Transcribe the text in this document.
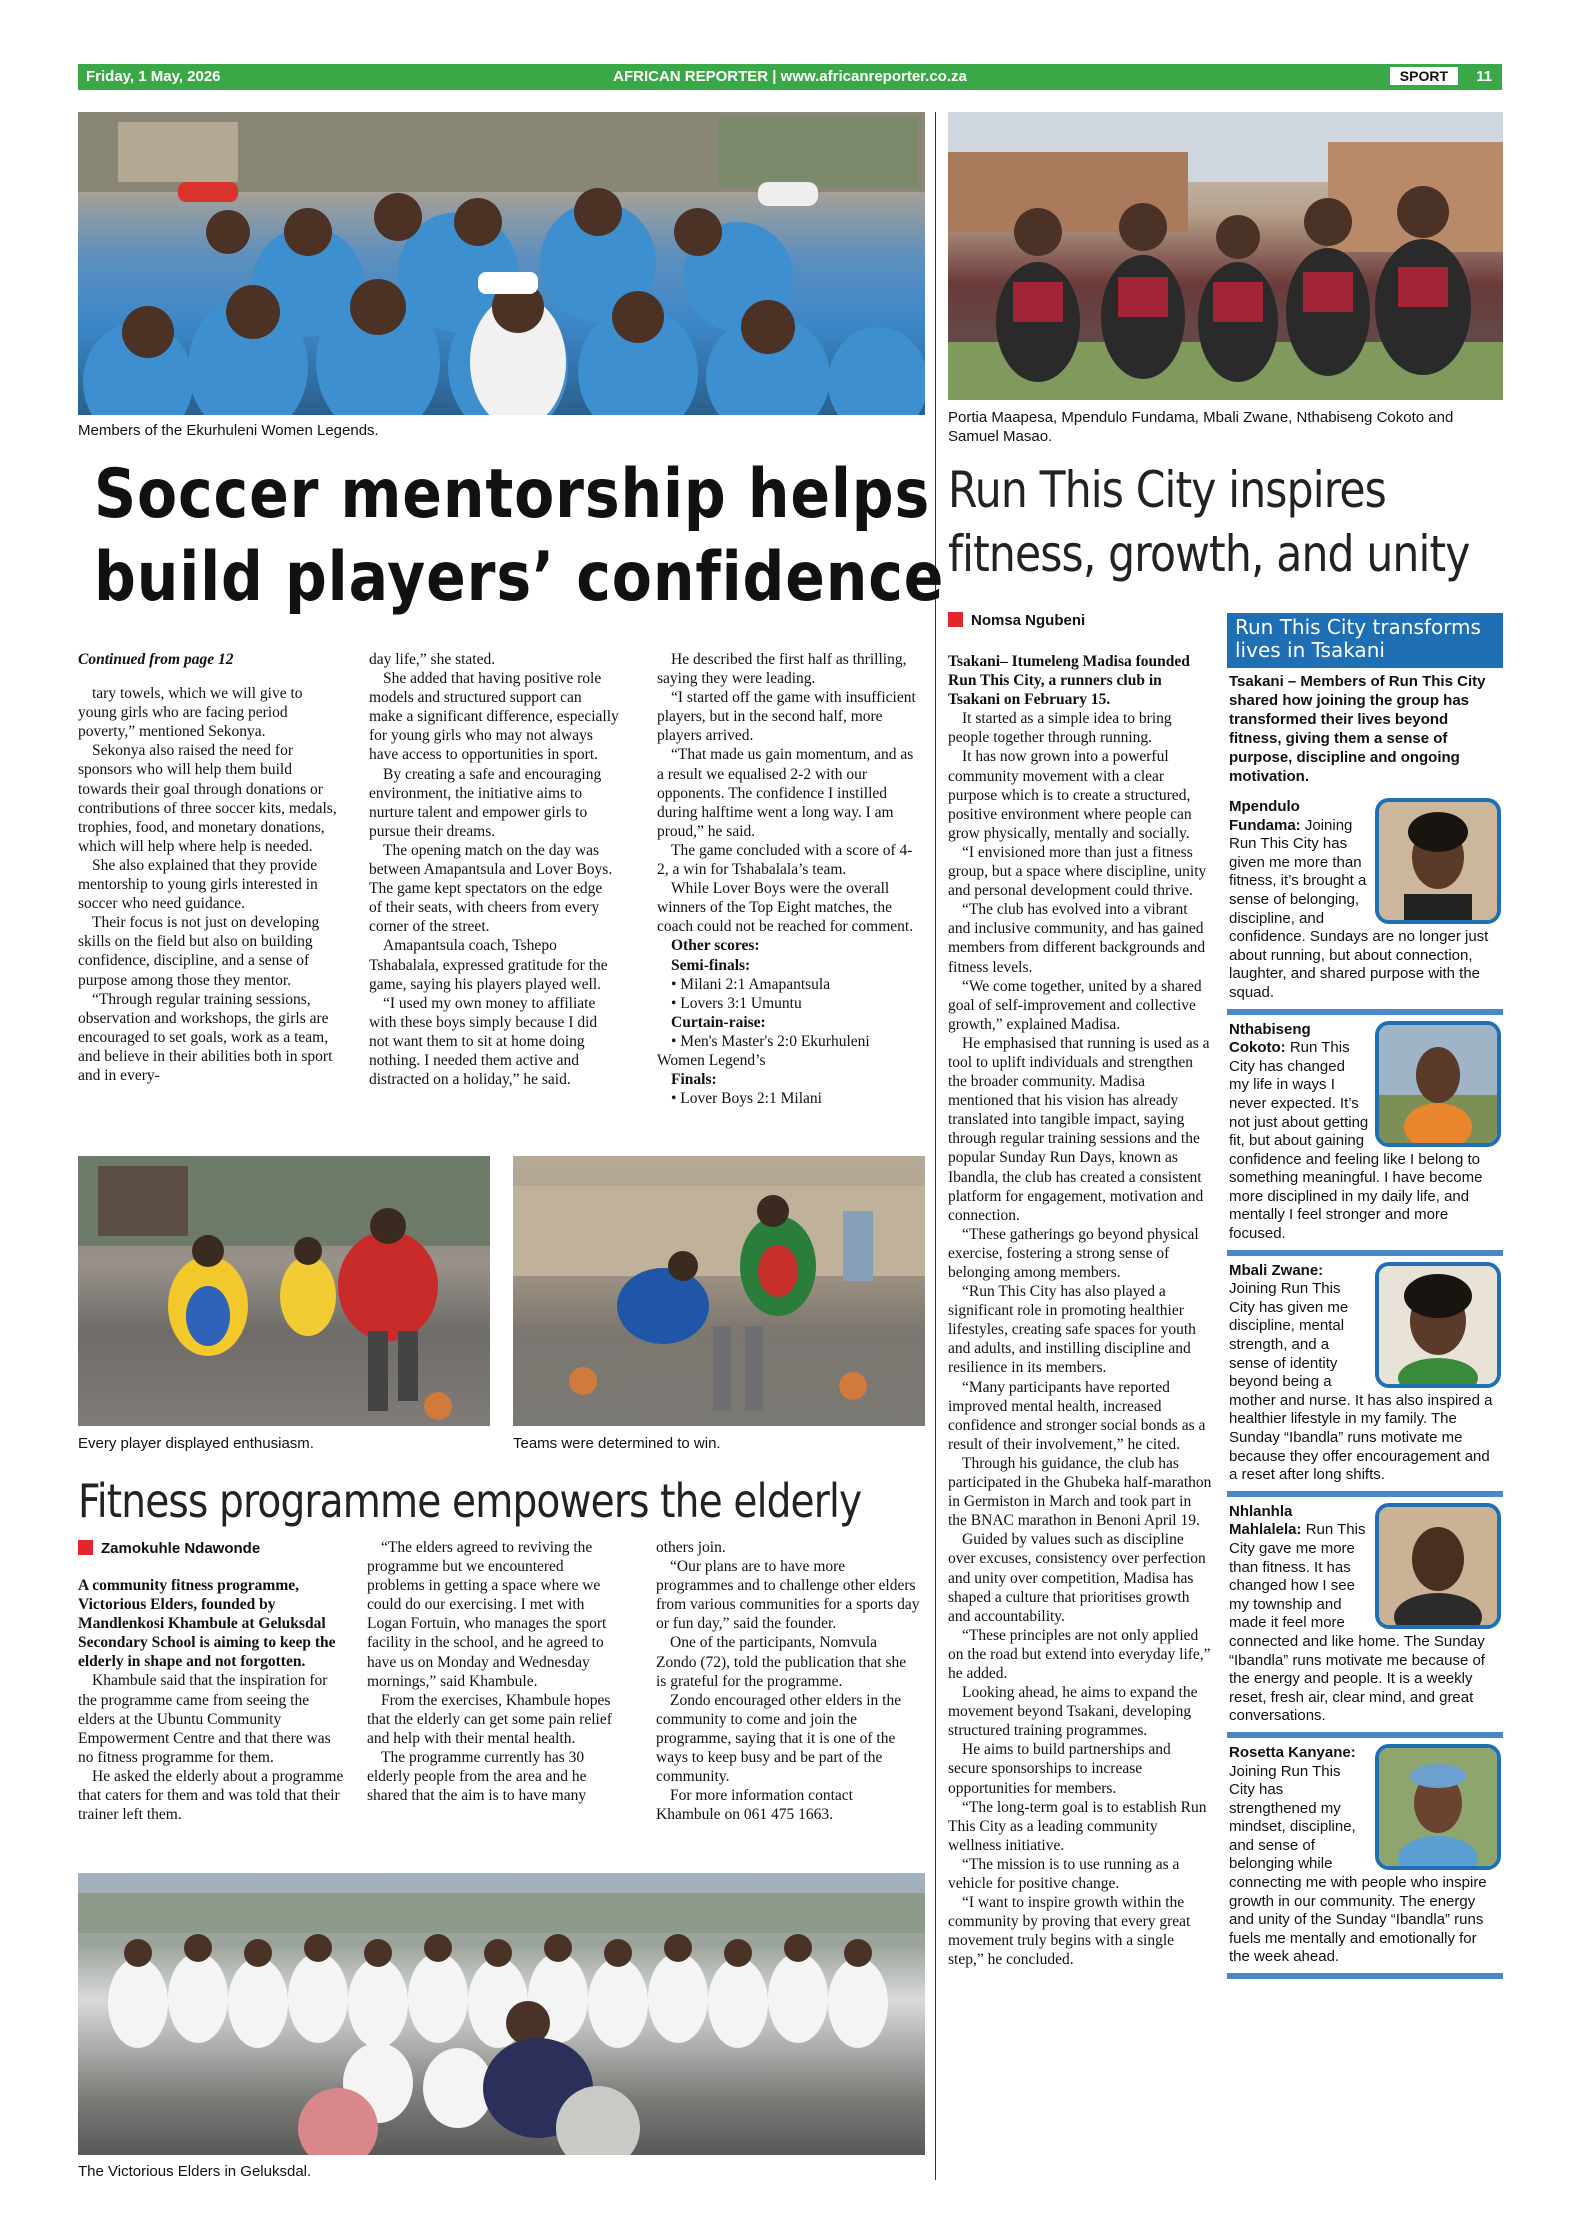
Friday, 1 May, 2026	AFRICAN REPORTER | www.africanreporter.co.za	SPORT	11
Members of the Ekurhuleni Women Legends.
Soccer mentorship helps
build players’ confidence

Continued from page 12

tary towels, which we will give to young girls who are facing period poverty,” mentioned Sekonya.

Sekonya also raised the need for sponsors who will help them build towards their goal through donations or contributions of three soccer kits, medals, trophies, food, and monetary donations, which will help where help is needed.

She also explained that they provide mentorship to young girls interested in soccer who need guidance.

Their focus is not just on developing skills on the field but also on building confidence, discipline, and a sense of purpose among those they mentor.

“Through regular training sessions, observation and workshops, the girls are encouraged to set goals, work as a team, and believe in their abilities both in sport and in every-

day life,” she stated.

She added that having positive role models and structured support can make a significant difference, especially for young girls who may not always have access to opportunities in sport.

By creating a safe and encouraging environment, the initiative aims to nurture talent and empower girls to pursue their dreams.

The opening match on the day was between Amapantsula and Lover Boys. The game kept spectators on the edge of their seats, with cheers from every corner of the street.

Amapantsula coach, Tshepo Tshabalala, expressed gratitude for the game, saying his players played well.

“I used my own money to affiliate with these boys simply because I did not want them to sit at home doing nothing. I needed them active and distracted on a holiday,” he said.

He described the first half as thrilling, saying they were leading.

“I started off the game with insufficient players, but in the second half, more players arrived.

“That made us gain momentum, and as a result we equalised 2-2 with our opponents. The confidence I instilled during halftime went a long way. I am proud,” he said.

The game concluded with a score of 4-2, a win for Tshabalala’s team.

While Lover Boys were the overall winners of the Top Eight matches, the coach could not be reached for comment.

Other scores:

Semi-finals:

• Milani 2:1 Amapantsula

• Lovers 3:1 Umuntu

Curtain-raise:

• Men's Master's 2:0 Ekurhuleni Women Legend’s

Finals:

• Lover Boys 2:1 Milani

Every player displayed enthusiasm.	Teams were determined to win.
Fitness programme empowers the elderly
Zamokuhle Ndawonde

A community fitness programme, Victorious Elders, founded by Mandlenkosi Khambule at Geluksdal Secondary School is aiming to keep the elderly in shape and not forgotten.

Khambule said that the inspiration for the programme came from seeing the elders at the Ubuntu Community Empowerment Centre and that there was no fitness programme for them.

He asked the elderly about a programme that caters for them and was told that their trainer left them.

“The elders agreed to reviving the programme but we encountered problems in getting a space where we could do our exercising. I met with Logan Fortuin, who manages the sport facility in the school, and he agreed to have us on Monday and Wednesday mornings,” said Khambule.

From the exercises, Khambule hopes that the elderly can get some pain relief and help with their mental health.

The programme currently has 30 elderly people from the area and he shared that the aim is to have many

others join.

“Our plans are to have more programmes and to challenge other elders from various communities for a sports day or fun day,” said the founder.

One of the participants, Nomvula Zondo (72), told the publication that she is grateful for the programme.

Zondo encouraged other elders in the community to come and join the programme, saying that it is one of the ways to keep busy and be part of the community.

For more information contact Khambule on 061 475 1663.

The Victorious Elders in Geluksdal.
Portia Maapesa, Mpendulo Fundama, Mbali Zwane, Nthabiseng Cokoto and Samuel Masao.
Run This City inspires
fitness, growth, and unity
Nomsa Ngubeni

Tsakani– Itumeleng Madisa founded Run This City, a runners club in Tsakani on February 15.

It started as a simple idea to bring people together through running.

It has now grown into a powerful community movement with a clear purpose which is to create a structured, positive environment where people can grow physically, mentally and socially.

“I envisioned more than just a fitness group, but a space where discipline, unity and personal development could thrive.

“The club has evolved into a vibrant and inclusive community, and has gained members from different backgrounds and fitness levels.

“We come together, united by a shared goal of self-improvement and collective growth,” explained Madisa.

He emphasised that running is used as a tool to uplift individuals and strengthen the broader community. Madisa mentioned that his vision has already translated into tangible impact, saying through regular training sessions and the popular Sunday Run Days, known as Ibandla, the club has created a consistent platform for engagement, motivation and connection.

“These gatherings go beyond physical exercise, fostering a strong sense of belonging among members.

“Run This City has also played a significant role in promoting healthier lifestyles, creating safe spaces for youth and adults, and instilling discipline and resilience in its members.

“Many participants have reported improved mental health, increased confidence and stronger social bonds as a result of their involvement,” he cited.

Through his guidance, the club has participated in the Ghubeka half-marathon in Germiston in March and took part in the BNAC marathon in Benoni April 19.

Guided by values such as discipline over excuses, consistency over perfection and unity over competition, Madisa has shaped a culture that prioritises growth and accountability.

“These principles are not only applied on the road but extend into everyday life,” he added.

Looking ahead, he aims to expand the movement beyond Tsakani, developing structured training programmes.

He aims to build partnerships and secure sponsorships to increase opportunities for members.

“The long-term goal is to establish Run This City as a leading community wellness initiative.

“The mission is to use running as a vehicle for positive change.

“I want to inspire growth within the community by proving that every great movement truly begins with a single step,” he concluded.

Run This City transforms lives in Tsakani
Tsakani – Members of Run This City shared how joining the group has transformed their lives beyond fitness, giving them a sense of purpose, discipline and ongoing motivation.
Mpendulo Fundama: Joining Run This City has given me more than fitness, it’s brought a sense of belonging, discipline, and confidence. Sundays are no longer just about running, but about connection, laughter, and shared purpose with the squad.
Nthabiseng Cokoto: Run This City has changed my life in ways I never expected. It’s not just about getting fit, but about gaining confidence and feeling like I belong to something meaningful. I have become more disciplined in my daily life, and mentally I feel stronger and more focused.
Mbali Zwane: Joining Run This City has given me discipline, mental strength, and a sense of identity beyond being a mother and nurse. It has also inspired a healthier lifestyle in my family. The Sunday “Ibandla” runs motivate me because they offer encouragement and a reset after long shifts.
Nhlanhla Mahlalela: Run This City gave me more than fitness. It has changed how I see my township and made it feel more connected and like home. The Sunday “Ibandla” runs motivate me because of the energy and people. It is a weekly reset, fresh air, clear mind, and great conversations.
Rosetta Kanyane: Joining Run This City has strengthened my mindset, discipline, and sense of belonging while connecting me with people who inspire growth in our community. The energy and unity of the Sunday “Ibandla” runs fuels me mentally and emotionally for the week ahead.
